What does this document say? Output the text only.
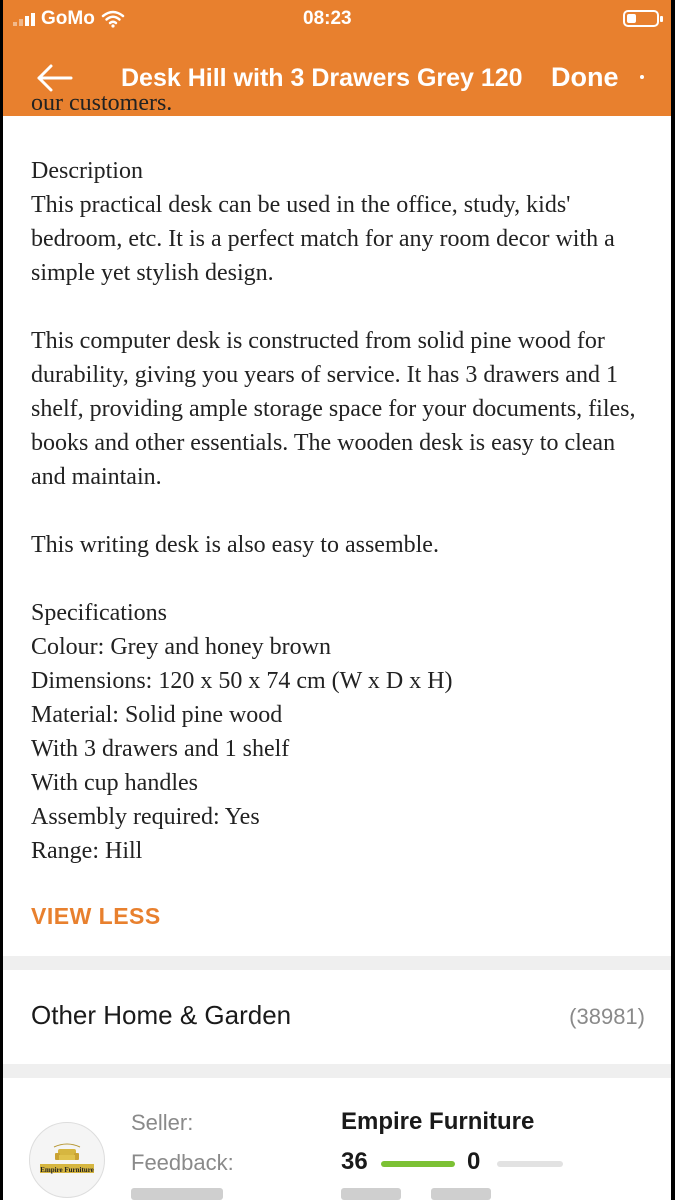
GoMo	08:23
Desk Hill with 3 Drawers Grey 120	Done

our customers.

Description

This practical desk can be used in the office, study, kids' bedroom, etc. It is a perfect match for any room decor with a simple yet stylish design.

This computer desk is constructed from solid pine wood for durability, giving you years of service. It has 3 drawers and 1 shelf, providing ample storage space for your documents, files, books and other essentials. The wooden desk is easy to clean and maintain.

This writing desk is also easy to assemble.

Specifications

Colour: Grey and honey brown

Dimensions: 120 x 50 x 74 cm (W x D x H)

Material: Solid pine wood

With 3 drawers and 1 shelf

With cup handles

Assembly required: Yes

Range: Hill

VIEW LESS
Other Home & Garden	(38981)
Empire Furniture
Seller:	Empire Furniture
Feedback:	36	0
